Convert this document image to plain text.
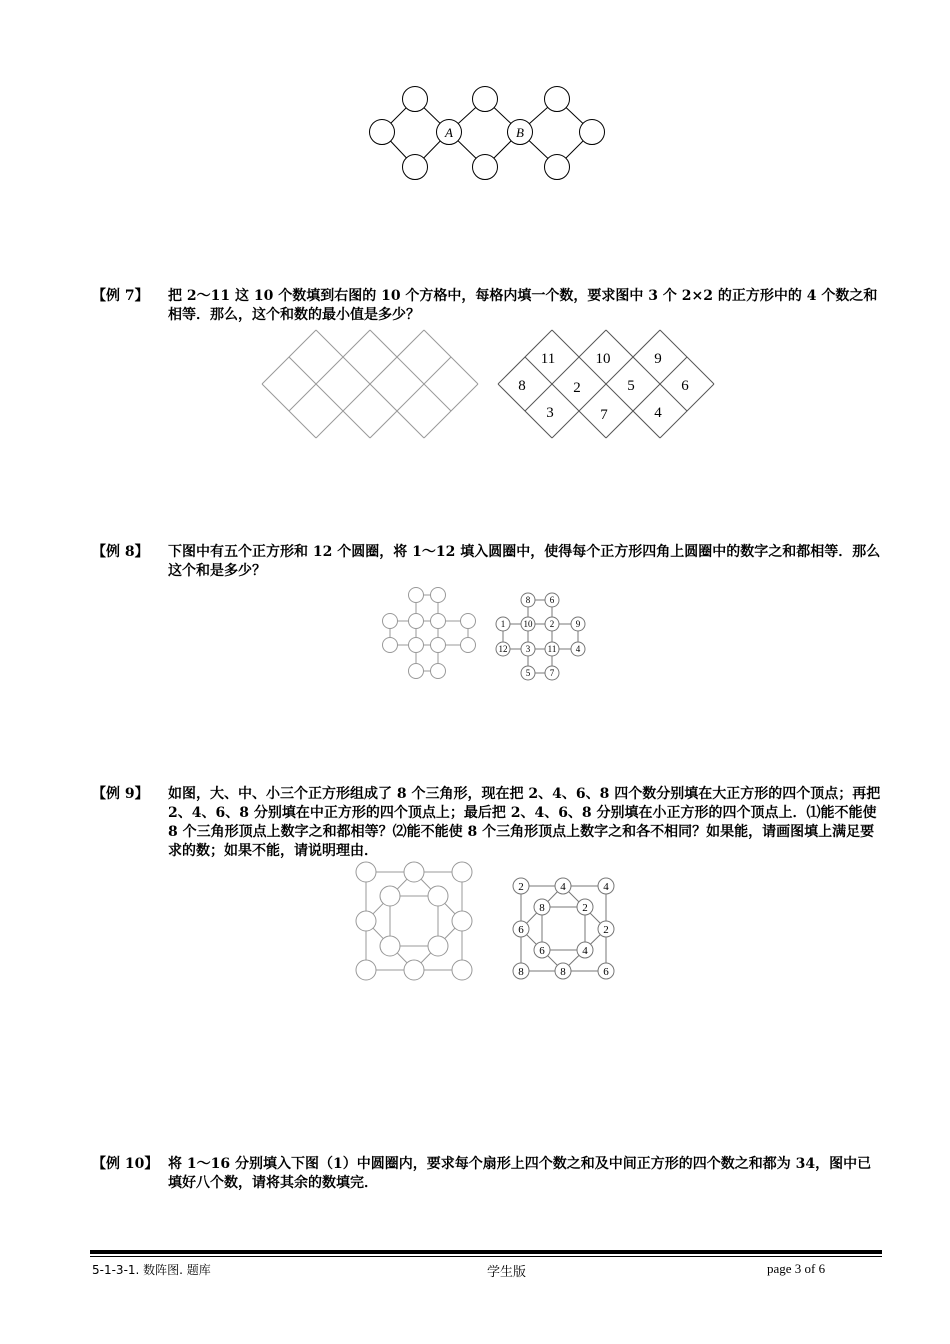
A	B
【例 7】	把 2～11 这 10 个数填到右图的 10 个方格中，每格内填一个数，要求图中 3 个 2×2 的正方形中的 4 个数之和相等．那么，这个和数的最小值是多少？
11	10	9
8	2	5	6
3	7	4
【例 8】	下图中有五个正方形和 12 个圆圈，将 1～12 填入圆圈中，使得每个正方形四角上圆圈中的数字之和都相等．那么这个和是多少？
8 6
1 10 2 9
12 3 11 4
5 7
【例 9】	如图，大、中、小三个正方形组成了 8 个三角形，现在把 2、4、6、8 四个数分别填在大正方形的四个顶点；再把 2、4、6、8 分别填在中正方形的四个顶点上；最后把 2、4、6、8 分别填在小正方形的四个顶点上．⑴能不能使 8 个三角形顶点上数字之和都相等？⑵能不能使 8 个三角形顶点上数字之和各不相同？如果能，请画图填上满足要求的数；如果不能，请说明理由．
2	4	4
8	2
6	2
6	4
8	8	6
【例 10】 将 1～16 分别填入下图（1）中圆圈内，要求每个扇形上四个数之和及中间正方形的四个数之和都为 34，图中已填好八个数，请将其余的数填完．
5-1-3-1. 数阵图. 题库	学生版	page 3 of 6
